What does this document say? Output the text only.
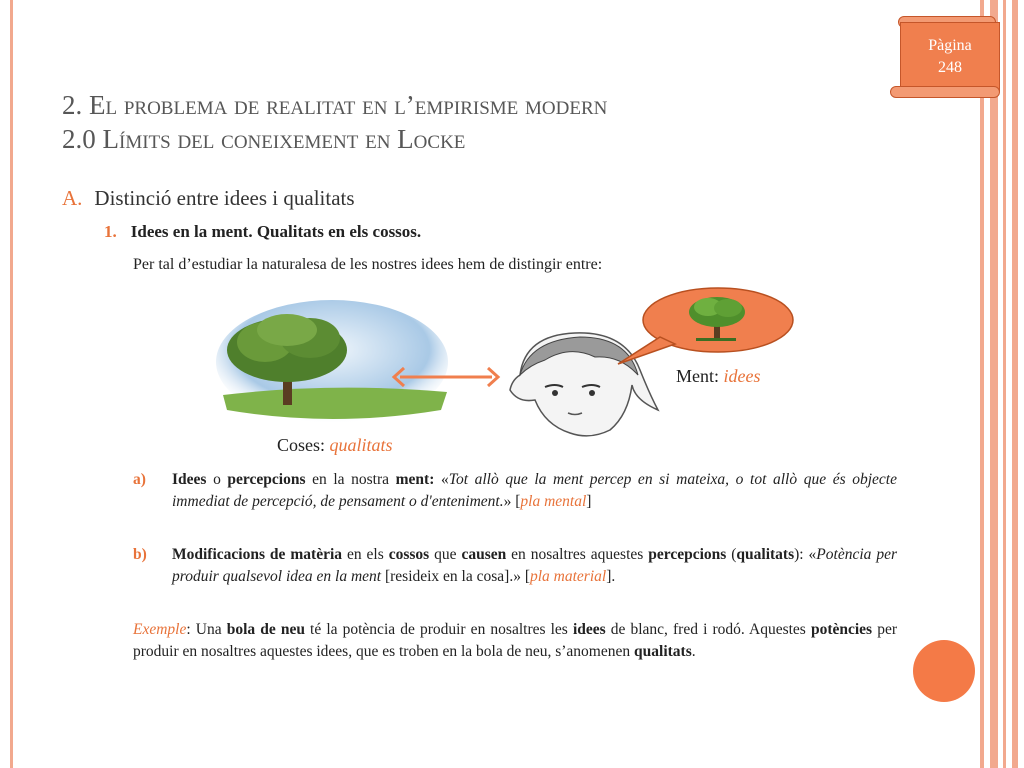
Pàgina
248
2. El problema de realitat en l’empirisme modern
2.0 Límits del coneixement en Locke
A. Distinció entre idees i qualitats
1. Idees en la ment. Qualitats en els cossos.
Per tal d’estudiar la naturalesa de les nostres idees hem de distingir entre:
Ment: idees
Coses: qualitats
a) Idees o percepcions en la nostra ment: «Tot allò que la ment percep en si mateixa, o tot allò que és objecte immediat de percepció, de pensament o d'enteniment.» [pla mental]
b) Modificacions de matèria en els cossos que causen en nosaltres aquestes percepcions (qualitats): «Potència per produir qualsevol idea en la ment [resideix en la cosa].» [pla material].
Exemple: Una bola de neu té la potència de produir en nosaltres les idees de blanc, fred i rodó. Aquestes potències per produir en nosaltres aquestes idees, que es troben en la bola de neu, s’anomenen qualitats.
